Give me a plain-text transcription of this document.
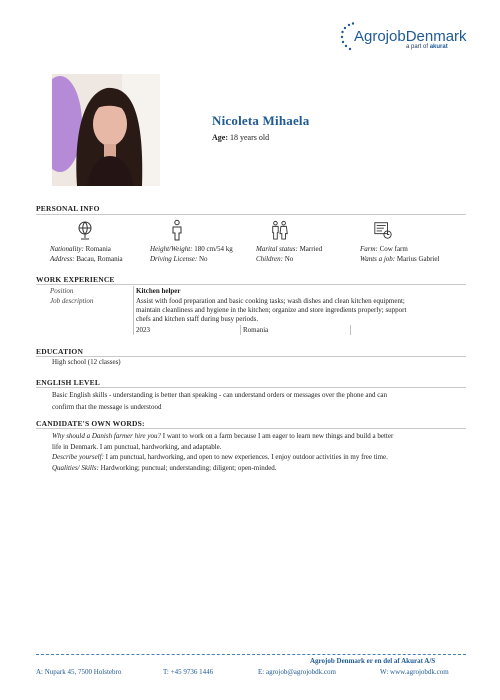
AgrojobDenmark
a part of akurat
Nicoleta Mihaela
Age: 18 years old
PERSONAL INFO
Nationality: Romania
Address: Bacau, Romania
Height/Weight: 180 cm/54 kg
Driving License: No
Marital status: Married
Children: No
Farm: Cow farm
Wants a job: Marius Gabriel
WORK EXPERIENCE
Position	Kitchen helper
Job description	Assist with food preparation and basic cooking tasks; wash dishes and clean kitchen equipment;
maintain cleanliness and hygiene in the kitchen; organize and store ingredients properly; support
chefs and kitchen staff during busy periods.
2023	Romania
EDUCATION
High school (12 classes)
ENGLISH LEVEL
Basic English skills - understanding is better than speaking - can understand orders or messages over the phone and can
confirm that the message is understood
CANDIDATE'S OWN WORDS:
Why should a Danish farmer hire you? I want to work on a farm because I am eager to learn new things and build a better
life in Denmark. I am punctual, hardworking, and adaptable.
Describe yourself: I am punctual, hardworking, and open to new experiences. I enjoy outdoor activities in my free time.
Qualities/ Skills: Hardworking; punctual; understanding; diligent; open-minded.
Agrojob Denmark er en del af Akurat A/S
A: Nupark 45, 7500 Holstebro	T: +45 9736 1446	E: agrojob@agrojobdk.com	W: www.agrojobdk.com
